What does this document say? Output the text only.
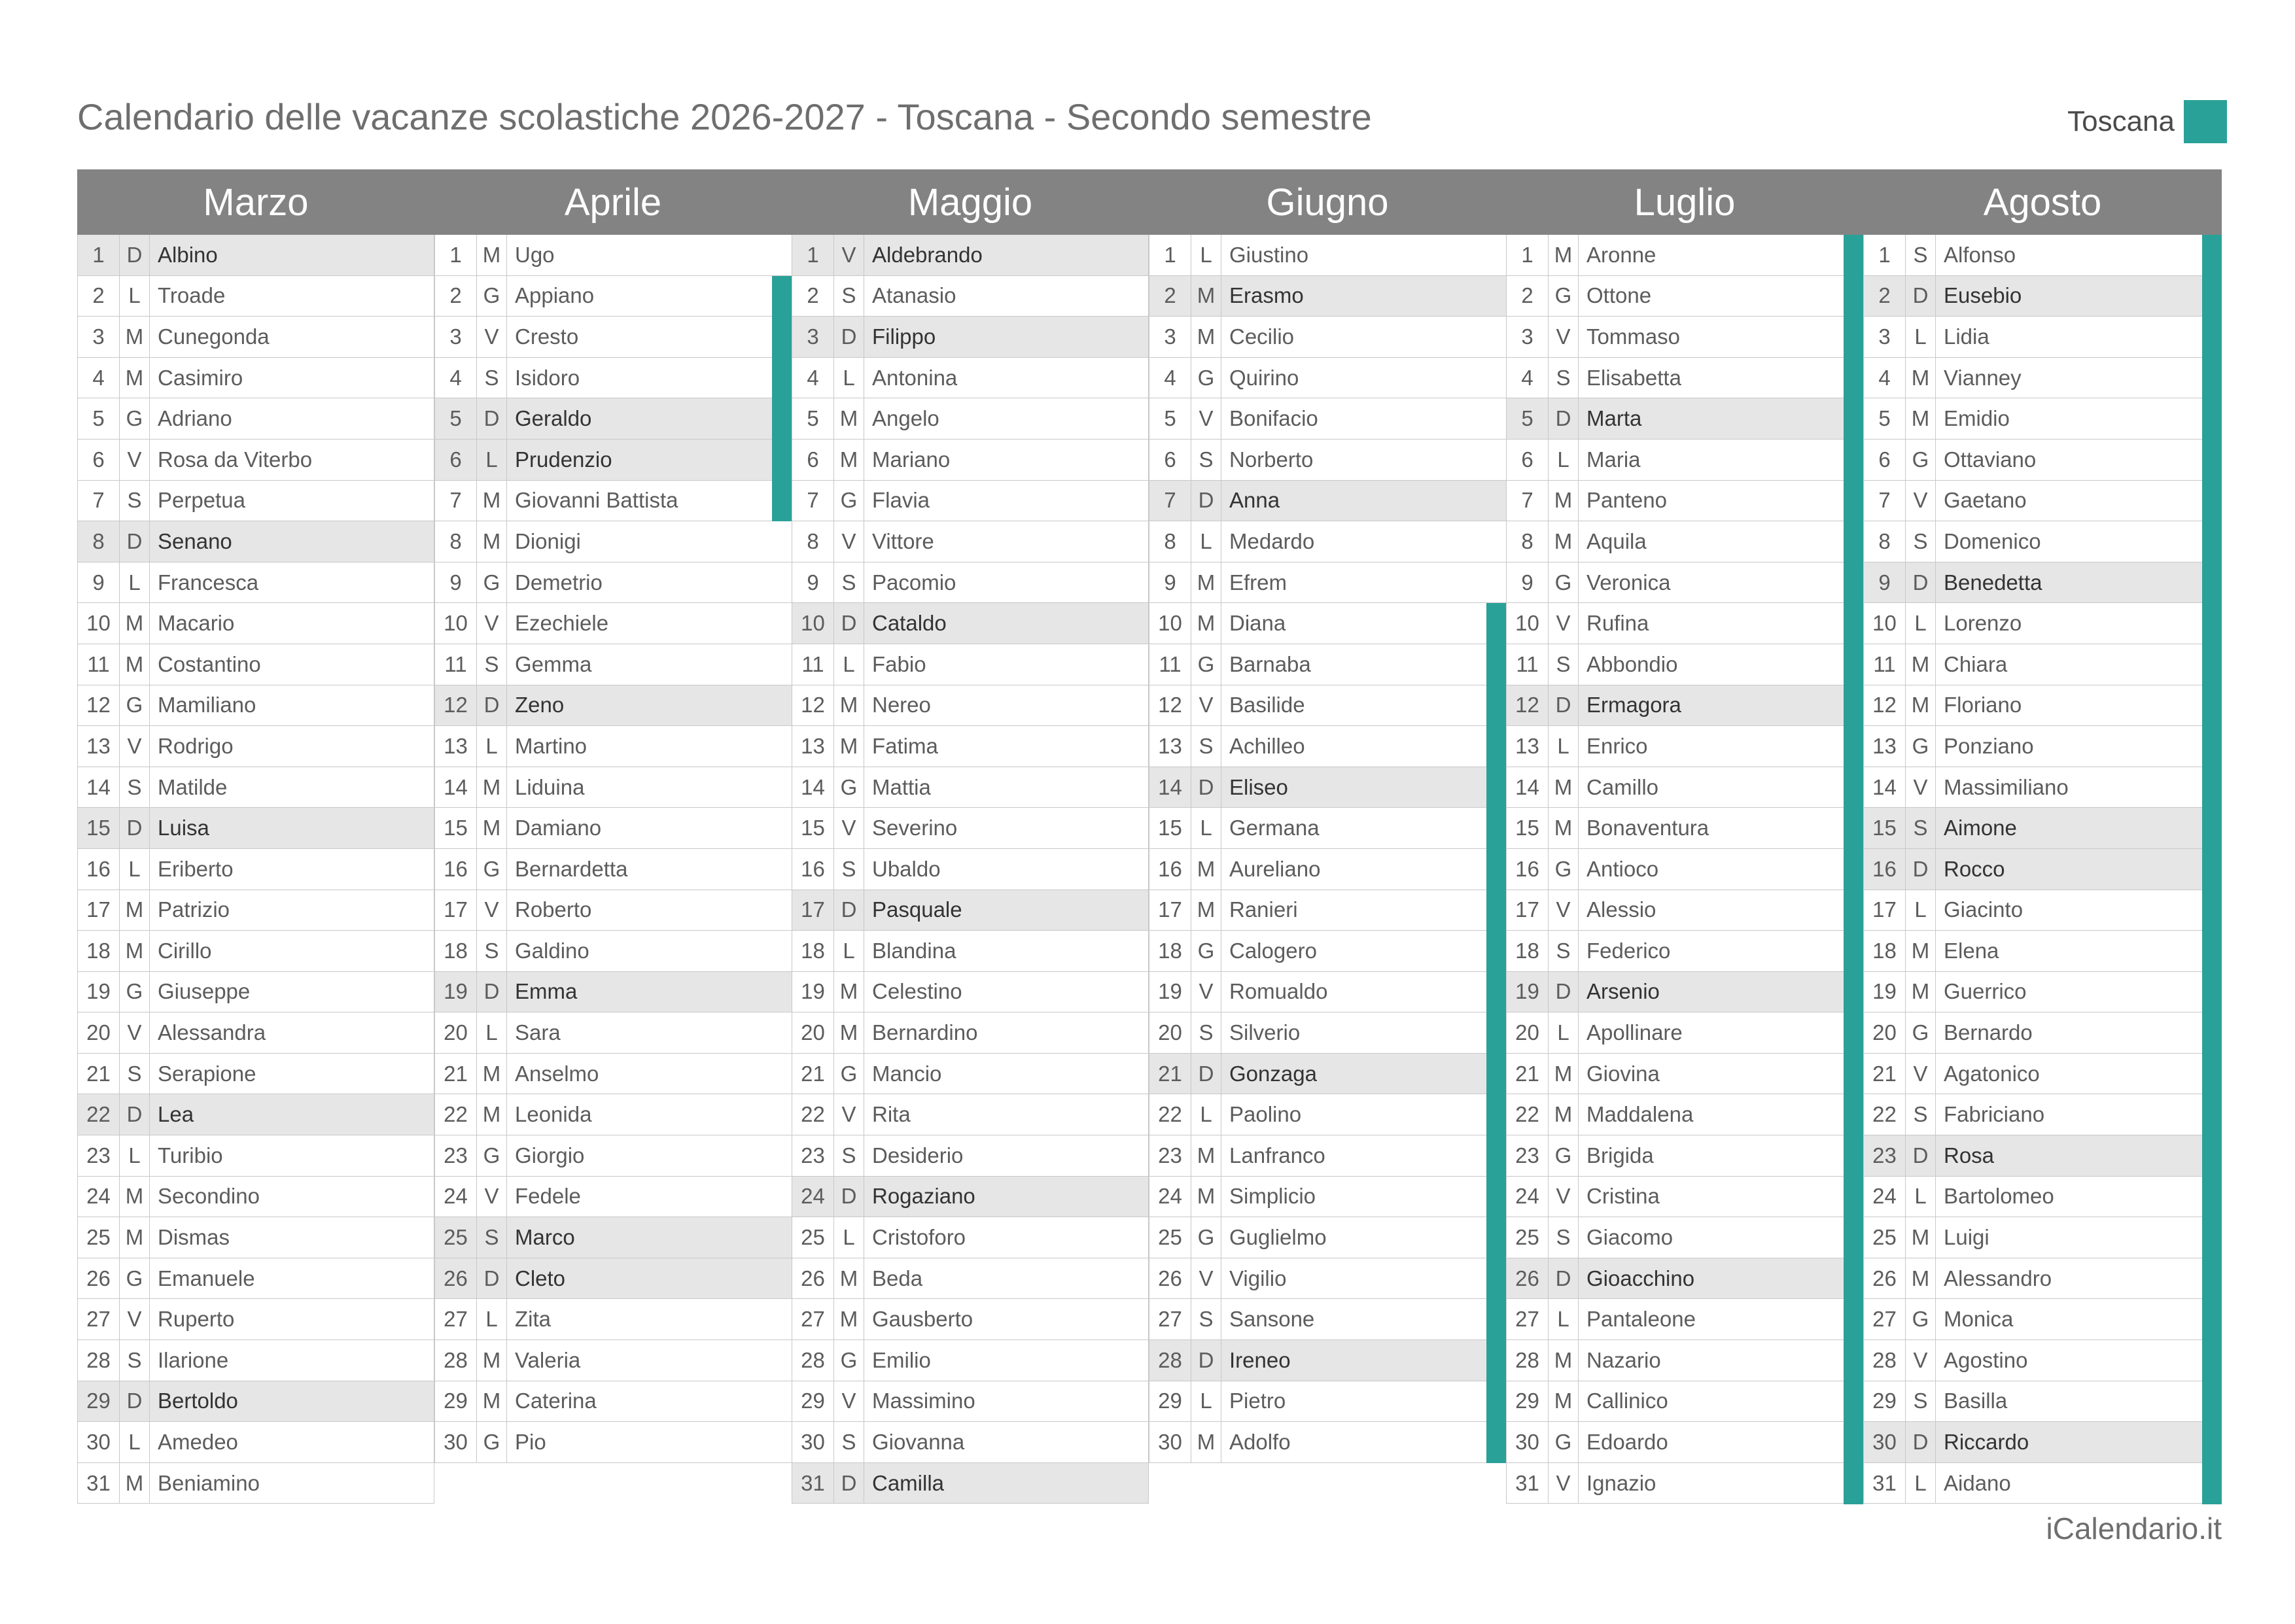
Calendario delle vacanze scolastiche 2026-2027 - Toscana - Secondo semestre	Toscana
Marzo	Aprile	Maggio	Giugno	Luglio	Agosto
1	D Albino
2	L Troade
3 M Cunegonda
4 M Casimiro
5 G Adriano
6	V Rosa da Viterbo
7	S Perpetua
8	D Senano
9	L Francesca
10 M Macario
11 M Costantino
12 G Mamiliano
13 V Rodrigo
14 S Matilde
15 D Luisa
16 L Eriberto
17 M Patrizio
18 M Cirillo
19 G Giuseppe
20 V Alessandra
21 S Serapione
22 D Lea
23 L Turibio
24 M Secondino
25 M Dismas
26 G Emanuele
27 V Ruperto
28 S Ilarione
29 D Bertoldo
30 L Amedeo
31 M Beniamino
1 M Ugo
2 G Appiano
3	V Cresto
4	S Isidoro
5	D Geraldo
6	L Prudenzio
7 M Giovanni Battista
8 M Dionigi
9 G Demetrio
10 V Ezechiele
11 S Gemma
12 D Zeno
13 L Martino
14 M Liduina
15 M Damiano
16 G Bernardetta
17 V Roberto
18 S Galdino
19 D Emma
20 L Sara
21 M Anselmo
22 M Leonida
23 G Giorgio
24 V Fedele
25 S Marco
26 D Cleto
27 L Zita
28 M Valeria
29 M Caterina
30 G Pio
1	V Aldebrando
2	S Atanasio
3	D Filippo
4	L Antonina
5 M Angelo
6 M Mariano
7 G Flavia
8	V Vittore
9	S Pacomio
10 D Cataldo
11 L Fabio
12 M Nereo
13 M Fatima
14 G Mattia
15 V Severino
16 S Ubaldo
17 D Pasquale
18 L Blandina
19 M Celestino
20 M Bernardino
21 G Mancio
22 V Rita
23 S Desiderio
24 D Rogaziano
25 L Cristoforo
26 M Beda
27 M Gausberto
28 G Emilio
29 V Massimino
30 S Giovanna
31 D Camilla
1	L Giustino
2 M Erasmo
3 M Cecilio
4 G Quirino
5	V Bonifacio
6	S Norberto
7	D Anna
8	L Medardo
9 M Efrem
10 M Diana
11 G Barnaba
12 V Basilide
13 S Achilleo
14 D Eliseo
15 L Germana
16 M Aureliano
17 M Ranieri
18 G Calogero
19 V Romualdo
20 S Silverio
21 D Gonzaga
22 L Paolino
23 M Lanfranco
24 M Simplicio
25 G Guglielmo
26 V Vigilio
27 S Sansone
28 D Ireneo
29 L Pietro
30 M Adolfo
1 M Aronne
2 G Ottone
3	V Tommaso
4	S Elisabetta
5	D Marta
6	L Maria
7 M Panteno
8 M Aquila
9 G Veronica
10 V Rufina
11 S Abbondio
12 D Ermagora
13 L Enrico
14 M Camillo
15 M Bonaventura
16 G Antioco
17 V Alessio
18 S Federico
19 D Arsenio
20 L Apollinare
21 M Giovina
22 M Maddalena
23 G Brigida
24 V Cristina
25 S Giacomo
26 D Gioacchino
27 L Pantaleone
28 M Nazario
29 M Callinico
30 G Edoardo
31 V Ignazio
1	S Alfonso
2	D Eusebio
3	L Lidia
4 M Vianney
5 M Emidio
6 G Ottaviano
7	V Gaetano
8	S Domenico
9	D Benedetta
10 L Lorenzo
11 M Chiara
12 M Floriano
13 G Ponziano
14 V Massimiliano
15 S Aimone
16 D Rocco
17 L Giacinto
18 M Elena
19 M Guerrico
20 G Bernardo
21 V Agatonico
22 S Fabriciano
23 D Rosa
24 L Bartolomeo
25 M Luigi
26 M Alessandro
27 G Monica
28 V Agostino
29 S Basilla
30 D Riccardo
31 L Aidano
iCalendario.it
